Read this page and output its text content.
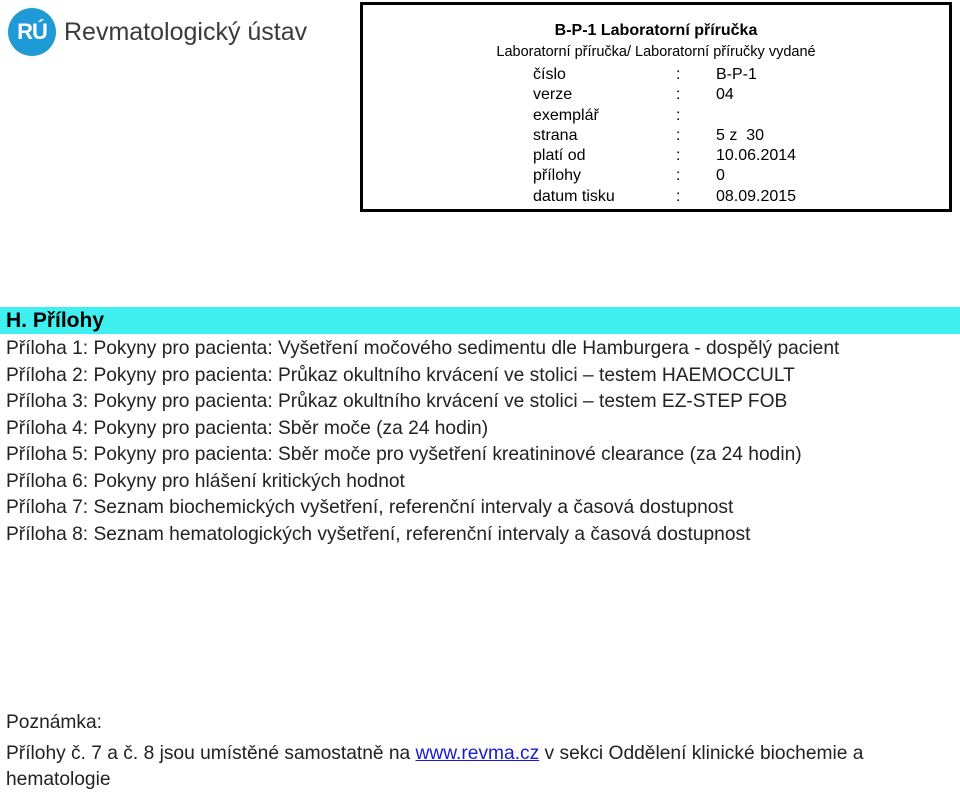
RÚ Revmatologický ústav	B-P-1 Laboratorní příručka
Laboratorní příručka/ Laboratorní příručky vydané
číslo	:	B-P-1
verze	:	04
exemplář	:
strana	:	5 z  30
platí od	:	10.06.2014
přílohy	:	0
datum tisku	:	08.09.2015
H. Přílohy
Příloha 1: Pokyny pro pacienta: Vyšetření močového sedimentu dle Hamburgera - dospělý pacient
Příloha 2: Pokyny pro pacienta: Průkaz okultního krvácení ve stolici – testem HAEMOCCULT
Příloha 3: Pokyny pro pacienta: Průkaz okultního krvácení ve stolici – testem EZ-STEP FOB
Příloha 4: Pokyny pro pacienta: Sběr moče (za 24 hodin)
Příloha 5: Pokyny pro pacienta: Sběr moče pro vyšetření kreatininové clearance (za 24 hodin)
Příloha 6: Pokyny pro hlášení kritických hodnot
Příloha 7: Seznam biochemických vyšetření, referenční intervaly a časová dostupnost
Příloha 8: Seznam hematologických vyšetření, referenční intervaly a časová dostupnost
Poznámka:
Přílohy č. 7 a č. 8 jsou umístěné samostatně na www.revma.cz v sekci Oddělení klinické biochemie a hematologie
